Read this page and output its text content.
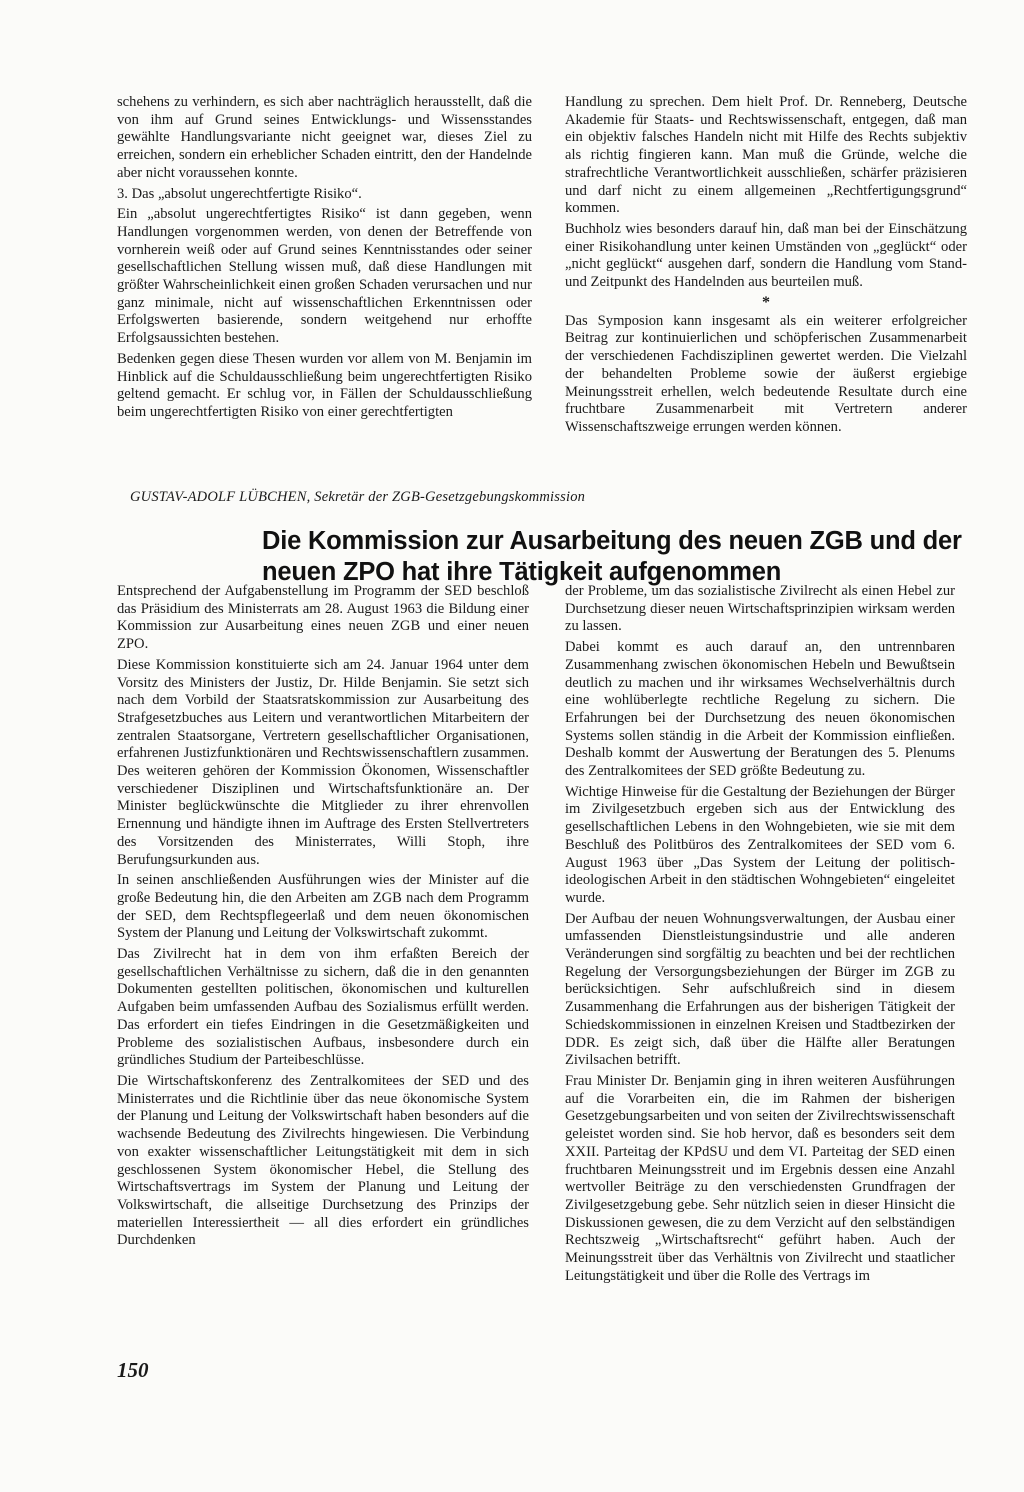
schehens zu verhindern, es sich aber nachträglich herausstellt, daß die von ihm auf Grund seines Entwicklungs- und Wissensstandes gewählte Handlungsvariante nicht geeignet war, dieses Ziel zu erreichen, sondern ein erheblicher Schaden eintritt, den der Handelnde aber nicht voraussehen konnte.

3. Das „absolut ungerechtfertigte Risiko“.

Ein „absolut ungerechtfertigtes Risiko“ ist dann gegeben, wenn Handlungen vorgenommen werden, von denen der Betreffende von vornherein weiß oder auf Grund seines Kenntnisstandes oder seiner gesellschaftlichen Stellung wissen muß, daß diese Handlungen mit größter Wahrscheinlichkeit einen großen Schaden verursachen und nur ganz minimale, nicht auf wissenschaftlichen Erkenntnissen oder Erfolgswerten basierende, sondern weitgehend nur erhoffte Erfolgsaussichten bestehen.

Bedenken gegen diese Thesen wurden vor allem von M. Benjamin im Hinblick auf die Schuldausschließung beim ungerechtfertigten Risiko geltend gemacht. Er schlug vor, in Fällen der Schuldausschließung beim ungerechtfertigten Risiko von einer gerechtfertigten

Handlung zu sprechen. Dem hielt Prof. Dr. Renneberg, Deutsche Akademie für Staats- und Rechtswissenschaft, entgegen, daß man ein objektiv falsches Handeln nicht mit Hilfe des Rechts subjektiv als richtig fingieren kann. Man muß die Gründe, welche die strafrechtliche Verantwortlichkeit ausschließen, schärfer präzisieren und darf nicht zu einem allgemeinen „Rechtfertigungsgrund“ kommen.

Buchholz wies besonders darauf hin, daß man bei der Einschätzung einer Risikohandlung unter keinen Umständen von „geglückt“ oder „nicht geglückt“ ausgehen darf, sondern die Handlung vom Stand- und Zeitpunkt des Handelnden aus beurteilen muß.

*

Das Symposion kann insgesamt als ein weiterer erfolgreicher Beitrag zur kontinuierlichen und schöpferischen Zusammenarbeit der verschiedenen Fachdisziplinen gewertet werden. Die Vielzahl der behandelten Probleme sowie der äußerst ergiebige Meinungsstreit erhellen, welch bedeutende Resultate durch eine fruchtbare Zusammenarbeit mit Vertretern anderer Wissenschaftszweige errungen werden können.

GUSTAV-ADOLF LÜBCHEN, Sekretär der ZGB-Gesetzgebungskommission
Die Kommission zur Ausarbeitung des neuen ZGB und der neuen ZPO hat ihre Tätigkeit aufgenommen

Entsprechend der Aufgabenstellung im Programm der SED beschloß das Präsidium des Ministerrats am 28. August 1963 die Bildung einer Kommission zur Ausarbeitung eines neuen ZGB und einer neuen ZPO.

Diese Kommission konstituierte sich am 24. Januar 1964 unter dem Vorsitz des Ministers der Justiz, Dr. Hilde Benjamin. Sie setzt sich nach dem Vorbild der Staatsratskommission zur Ausarbeitung des Strafgesetzbuches aus Leitern und verantwortlichen Mitarbeitern der zentralen Staatsorgane, Vertretern gesellschaftlicher Organisationen, erfahrenen Justizfunktionären und Rechtswissenschaftlern zusammen. Des weiteren gehören der Kommission Ökonomen, Wissenschaftler verschiedener Disziplinen und Wirtschaftsfunktionäre an. Der Minister beglückwünschte die Mitglieder zu ihrer ehrenvollen Ernennung und händigte ihnen im Auftrage des Ersten Stellvertreters des Vorsitzenden des Ministerrates, Willi Stoph, ihre Berufungsurkunden aus.

In seinen anschließenden Ausführungen wies der Minister auf die große Bedeutung hin, die den Arbeiten am ZGB nach dem Programm der SED, dem Rechtspflegeerlaß und dem neuen ökonomischen System der Planung und Leitung der Volkswirtschaft zukommt.

Das Zivilrecht hat in dem von ihm erfaßten Bereich der gesellschaftlichen Verhältnisse zu sichern, daß die in den genannten Dokumenten gestellten politischen, ökonomischen und kulturellen Aufgaben beim umfassenden Aufbau des Sozialismus erfüllt werden. Das erfordert ein tiefes Eindringen in die Gesetzmäßigkeiten und Probleme des sozialistischen Aufbaus, insbesondere durch ein gründliches Studium der Parteibeschlüsse.

Die Wirtschaftskonferenz des Zentralkomitees der SED und des Ministerrates und die Richtlinie über das neue ökonomische System der Planung und Leitung der Volkswirtschaft haben besonders auf die wachsende Bedeutung des Zivilrechts hingewiesen. Die Verbindung von exakter wissenschaftlicher Leitungstätigkeit mit dem in sich geschlossenen System ökonomischer Hebel, die Stellung des Wirtschaftsvertrags im System der Planung und Leitung der Volkswirtschaft, die allseitige Durchsetzung des Prinzips der materiellen Interessiertheit — all dies erfordert ein gründliches Durchdenken

der Probleme, um das sozialistische Zivilrecht als einen Hebel zur Durchsetzung dieser neuen Wirtschaftsprinzipien wirksam werden zu lassen.

Dabei kommt es auch darauf an, den untrennbaren Zusammenhang zwischen ökonomischen Hebeln und Bewußtsein deutlich zu machen und ihr wirksames Wechselverhältnis durch eine wohlüberlegte rechtliche Regelung zu sichern. Die Erfahrungen bei der Durchsetzung des neuen ökonomischen Systems sollen ständig in die Arbeit der Kommission einfließen. Deshalb kommt der Auswertung der Beratungen des 5. Plenums des Zentralkomitees der SED größte Bedeutung zu.

Wichtige Hinweise für die Gestaltung der Beziehungen der Bürger im Zivilgesetzbuch ergeben sich aus der Entwicklung des gesellschaftlichen Lebens in den Wohngebieten, wie sie mit dem Beschluß des Politbüros des Zentralkomitees der SED vom 6. August 1963 über „Das System der Leitung der politisch-ideologischen Arbeit in den städtischen Wohngebieten“ eingeleitet wurde.

Der Aufbau der neuen Wohnungsverwaltungen, der Ausbau einer umfassenden Dienstleistungsindustrie und alle anderen Veränderungen sind sorgfältig zu beachten und bei der rechtlichen Regelung der Versorgungsbeziehungen der Bürger im ZGB zu berücksichtigen. Sehr aufschlußreich sind in diesem Zusammenhang die Erfahrungen aus der bisherigen Tätigkeit der Schiedskommissionen in einzelnen Kreisen und Stadtbezirken der DDR. Es zeigt sich, daß über die Hälfte aller Beratungen Zivilsachen betrifft.

Frau Minister Dr. Benjamin ging in ihren weiteren Ausführungen auf die Vorarbeiten ein, die im Rahmen der bisherigen Gesetzgebungsarbeiten und von seiten der Zivilrechtswissenschaft geleistet worden sind. Sie hob hervor, daß es besonders seit dem XXII. Parteitag der KPdSU und dem VI. Parteitag der SED einen fruchtbaren Meinungsstreit und im Ergebnis dessen eine Anzahl wertvoller Beiträge zu den verschiedensten Grundfragen der Zivilgesetzgebung gebe. Sehr nützlich seien in dieser Hinsicht die Diskussionen gewesen, die zu dem Verzicht auf den selbständigen Rechtszweig „Wirtschaftsrecht“ geführt haben. Auch der Meinungsstreit über das Verhältnis von Zivilrecht und staatlicher Leitungstätigkeit und über die Rolle des Vertrags im

150
